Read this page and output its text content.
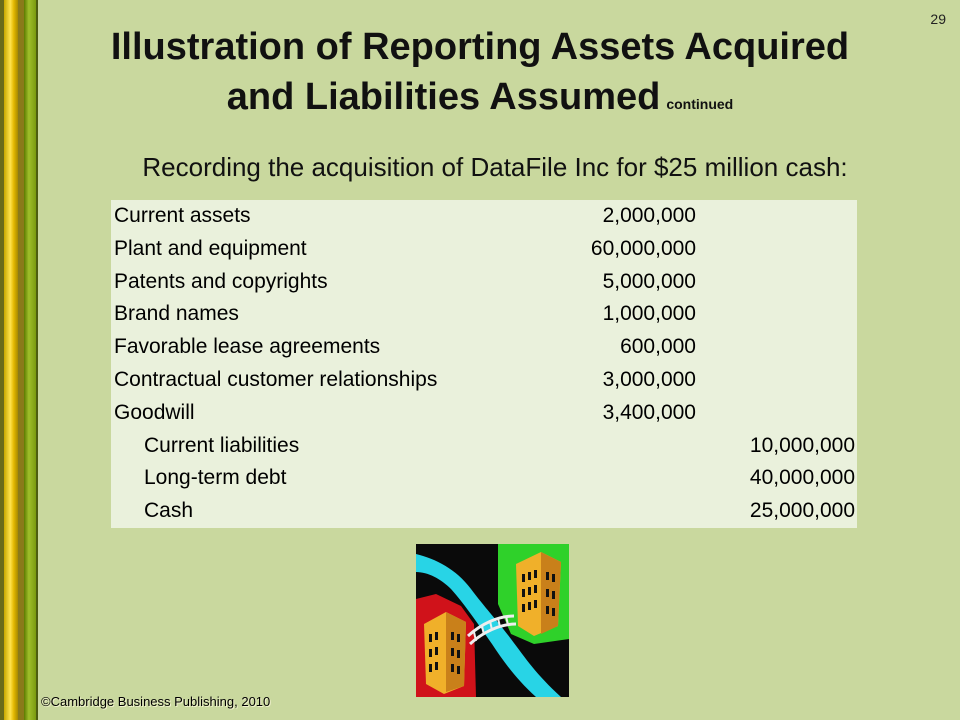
29
Illustration of Reporting Assets Acquired
and Liabilities Assumed continued
Recording the acquisition of DataFile Inc for $25 million cash:
Current assets	2,000,000	
Plant and equipment	60,000,000	
Patents and copyrights	5,000,000	
Brand names	1,000,000	
Favorable lease agreements	600,000	
Contractual customer relationships	3,000,000	
Goodwill	3,400,000	
Current liabilities		10,000,000
Long-term debt		40,000,000
Cash		25,000,000
©Cambridge Business Publishing, 2010
